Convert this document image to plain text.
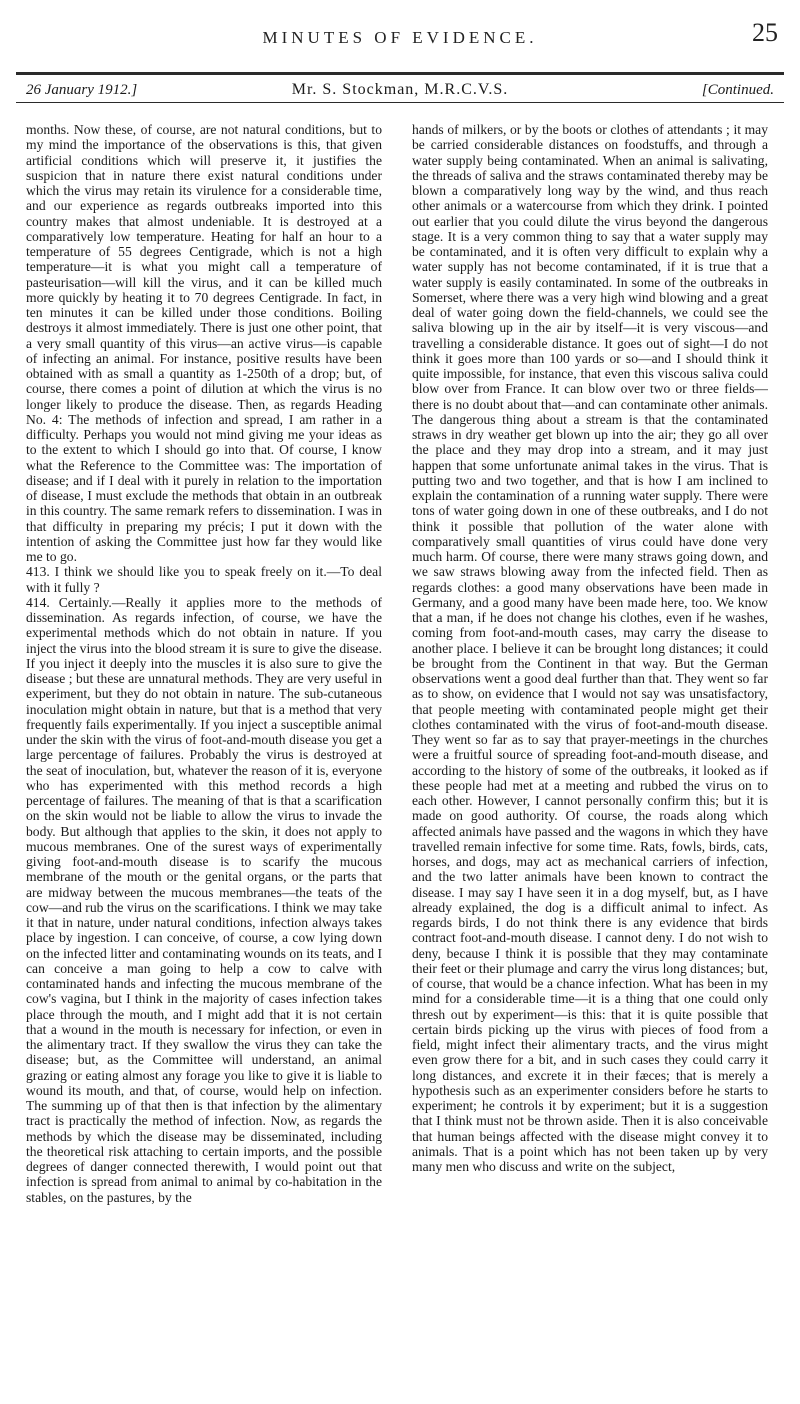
MINUTES OF EVIDENCE.	25
26 January 1912.]	Mr. S. Stockman, M.R.C.V.S.	[Continued.

months. Now these, of course, are not natural conditions, but to my mind the importance of the observations is this, that given artificial conditions which will preserve it, it justifies the suspicion that in nature there exist natural conditions under which the virus may retain its virulence for a considerable time, and our experience as regards outbreaks imported into this country makes that almost undeniable. It is destroyed at a comparatively low temperature. Heating for half an hour to a temperature of 55 degrees Centigrade, which is not a high temperature—it is what you might call a temperature of pasteurisation—will kill the virus, and it can be killed much more quickly by heating it to 70 degrees Centigrade. In fact, in ten minutes it can be killed under those conditions. Boiling destroys it almost immediately. There is just one other point, that a very small quantity of this virus—an active virus—is capable of infecting an animal. For instance, positive results have been obtained with as small a quantity as 1-250th of a drop; but, of course, there comes a point of dilution at which the virus is no longer likely to produce the disease. Then, as regards Heading No. 4: The methods of infection and spread, I am rather in a difficulty. Perhaps you would not mind giving me your ideas as to the extent to which I should go into that. Of course, I know what the Reference to the Committee was: The importation of disease; and if I deal with it purely in relation to the importation of disease, I must exclude the methods that obtain in an outbreak in this country. The same remark refers to dissemination. I was in that difficulty in preparing my précis; I put it down with the intention of asking the Committee just how far they would like me to go.

413. I think we should like you to speak freely on it.—To deal with it fully ?

414. Certainly.—Really it applies more to the methods of dissemination. As regards infection, of course, we have the experimental methods which do not obtain in nature. If you inject the virus into the blood stream it is sure to give the disease. If you inject it deeply into the muscles it is also sure to give the disease ; but these are unnatural methods. They are very useful in experiment, but they do not obtain in nature. The sub-cutaneous inoculation might obtain in nature, but that is a method that very frequently fails experimentally. If you inject a susceptible animal under the skin with the virus of foot-and-mouth disease you get a large percentage of failures. Probably the virus is destroyed at the seat of inoculation, but, whatever the reason of it is, everyone who has experimented with this method records a high percentage of failures. The meaning of that is that a scarification on the skin would not be liable to allow the virus to invade the body. But although that applies to the skin, it does not apply to mucous membranes. One of the surest ways of experimentally giving foot-and-mouth disease is to scarify the mucous membrane of the mouth or the genital organs, or the parts that are midway between the mucous membranes—the teats of the cow—and rub the virus on the scarifications. I think we may take it that in nature, under natural conditions, infection always takes place by ingestion. I can conceive, of course, a cow lying down on the infected litter and contaminating wounds on its teats, and I can conceive a man going to help a cow to calve with contaminated hands and infecting the mucous membrane of the cow's vagina, but I think in the majority of cases infection takes place through the mouth, and I might add that it is not certain that a wound in the mouth is necessary for infection, or even in the alimentary tract. If they swallow the virus they can take the disease; but, as the Committee will understand, an animal grazing or eating almost any forage you like to give it is liable to wound its mouth, and that, of course, would help on infection. The summing up of that then is that infection by the alimentary tract is practically the method of infection. Now, as regards the methods by which the disease may be disseminated, including the theoretical risk attaching to certain imports, and the possible degrees of danger connected therewith, I would point out that infection is spread from animal to animal by co-habitation in the stables, on the pastures, by the

hands of milkers, or by the boots or clothes of attendants ; it may be carried considerable distances on foodstuffs, and through a water supply being contaminated. When an animal is salivating, the threads of saliva and the straws contaminated thereby may be blown a comparatively long way by the wind, and thus reach other animals or a watercourse from which they drink. I pointed out earlier that you could dilute the virus beyond the dangerous stage. It is a very common thing to say that a water supply may be contaminated, and it is often very difficult to explain why a water supply has not become contaminated, if it is true that a water supply is easily contaminated. In some of the outbreaks in Somerset, where there was a very high wind blowing and a great deal of water going down the field-channels, we could see the saliva blowing up in the air by itself—it is very viscous—and travelling a considerable distance. It goes out of sight—I do not think it goes more than 100 yards or so—and I should think it quite impossible, for instance, that even this viscous saliva could blow over from France. It can blow over two or three fields—there is no doubt about that—and can contaminate other animals. The dangerous thing about a stream is that the contaminated straws in dry weather get blown up into the air; they go all over the place and they may drop into a stream, and it may just happen that some unfortunate animal takes in the virus. That is putting two and two together, and that is how I am inclined to explain the contamination of a running water supply. There were tons of water going down in one of these outbreaks, and I do not think it possible that pollution of the water alone with comparatively small quantities of virus could have done very much harm. Of course, there were many straws going down, and we saw straws blowing away from the infected field. Then as regards clothes: a good many observations have been made in Germany, and a good many have been made here, too. We know that a man, if he does not change his clothes, even if he washes, coming from foot-and-mouth cases, may carry the disease to another place. I believe it can be brought long distances; it could be brought from the Continent in that way. But the German observations went a good deal further than that. They went so far as to show, on evidence that I would not say was unsatisfactory, that people meeting with contaminated people might get their clothes contaminated with the virus of foot-and-mouth disease. They went so far as to say that prayer-meetings in the churches were a fruitful source of spreading foot-and-mouth disease, and according to the history of some of the outbreaks, it looked as if these people had met at a meeting and rubbed the virus on to each other. However, I cannot personally confirm this; but it is made on good authority. Of course, the roads along which affected animals have passed and the wagons in which they have travelled remain infective for some time. Rats, fowls, birds, cats, horses, and dogs, may act as mechanical carriers of infection, and the two latter animals have been known to contract the disease. I may say I have seen it in a dog myself, but, as I have already explained, the dog is a difficult animal to infect. As regards birds, I do not think there is any evidence that birds contract foot-and-mouth disease. I cannot deny. I do not wish to deny, because I think it is possible that they may contaminate their feet or their plumage and carry the virus long distances; but, of course, that would be a chance infection. What has been in my mind for a considerable time—it is a thing that one could only thresh out by experiment—is this: that it is quite possible that certain birds picking up the virus with pieces of food from a field, might infect their alimentary tracts, and the virus might even grow there for a bit, and in such cases they could carry it long distances, and excrete it in their fæces; that is merely a hypothesis such as an experimenter considers before he starts to experiment; he controls it by experiment; but it is a suggestion that I think must not be thrown aside. Then it is also conceivable that human beings affected with the disease might convey it to animals. That is a point which has not been taken up by very many men who discuss and write on the subject,
